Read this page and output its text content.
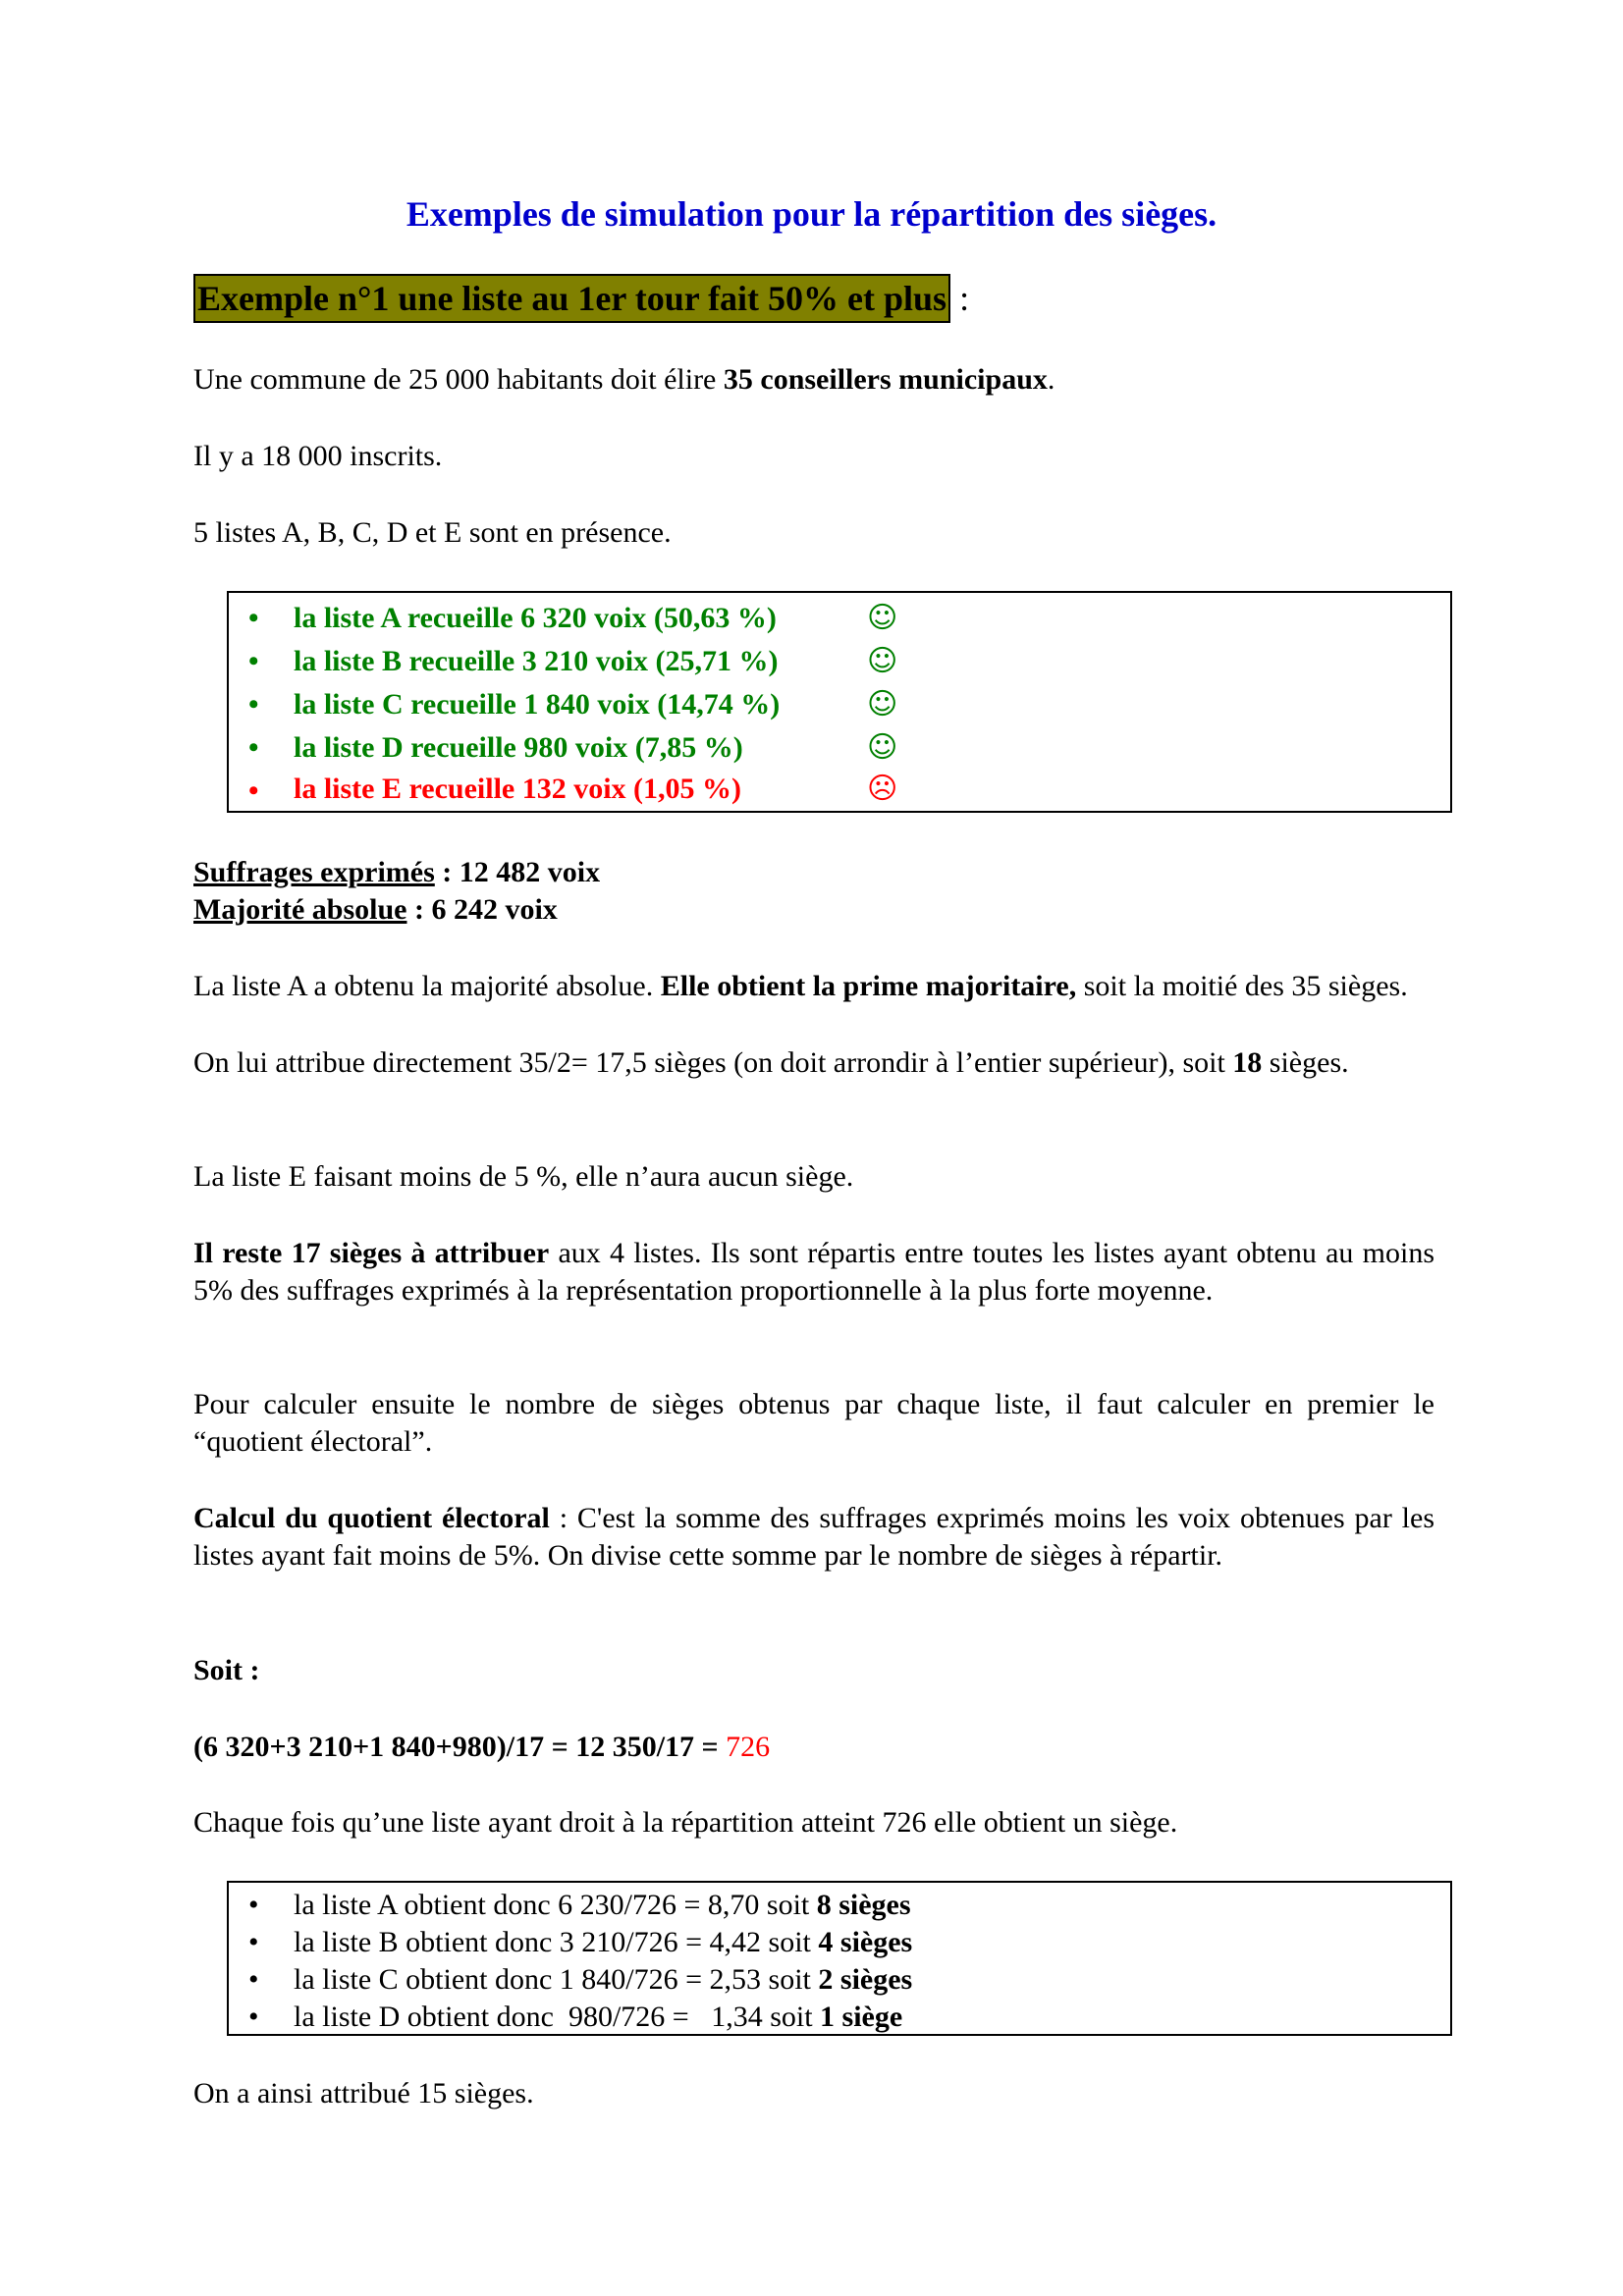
Exemples de simulation pour la répartition des sièges.
Exemple n°1 une liste au 1er tour fait 50% et plus :
Une commune de 25 000 habitants doit élire 35 conseillers municipaux.
Il y a 18 000 inscrits.
5 listes A, B, C, D et E sont en présence.
• la liste A recueille 6 320 voix (50,63 %)	☺
• la liste B recueille 3 210 voix (25,71 %)	☺
• la liste C recueille 1 840 voix (14,74 %)	☺
• la liste D recueille 980 voix (7,85 %)	☺
• la liste E recueille 132 voix (1,05 %)	☹
Suffrages exprimés : 12 482 voix
Majorité absolue : 6 242 voix
La liste A a obtenu la majorité absolue. Elle obtient la prime majoritaire, soit la moitié des 35 sièges.
On lui attribue directement 35/2= 17,5 sièges (on doit arrondir à l’entier supérieur), soit 18 sièges.
La liste E faisant moins de 5 %, elle n’aura aucun siège.
Il reste 17 sièges à attribuer aux 4 listes. Ils sont répartis entre toutes les listes ayant obtenu au moins 5% des suffrages exprimés à la représentation proportionnelle à la plus forte moyenne.
Pour calculer ensuite le nombre de sièges obtenus par chaque liste, il faut calculer en premier le “quotient électoral”.
Calcul du quotient électoral : C'est la somme des suffrages exprimés moins les voix obtenues par les listes ayant fait moins de 5%. On divise cette somme par le nombre de sièges à répartir.
Soit :
(6 320+3 210+1 840+980)/17 = 12 350/17 = 726
Chaque fois qu’une liste ayant droit à la répartition atteint 726 elle obtient un siège.
• la liste A obtient donc 6 230/726 = 8,70 soit 8 sièges
• la liste B obtient donc 3 210/726 = 4,42 soit 4 sièges
• la liste C obtient donc 1 840/726 = 2,53 soit 2 sièges
• la liste D obtient donc  980/726 =   1,34 soit 1 siège
On a ainsi attribué 15 sièges.
